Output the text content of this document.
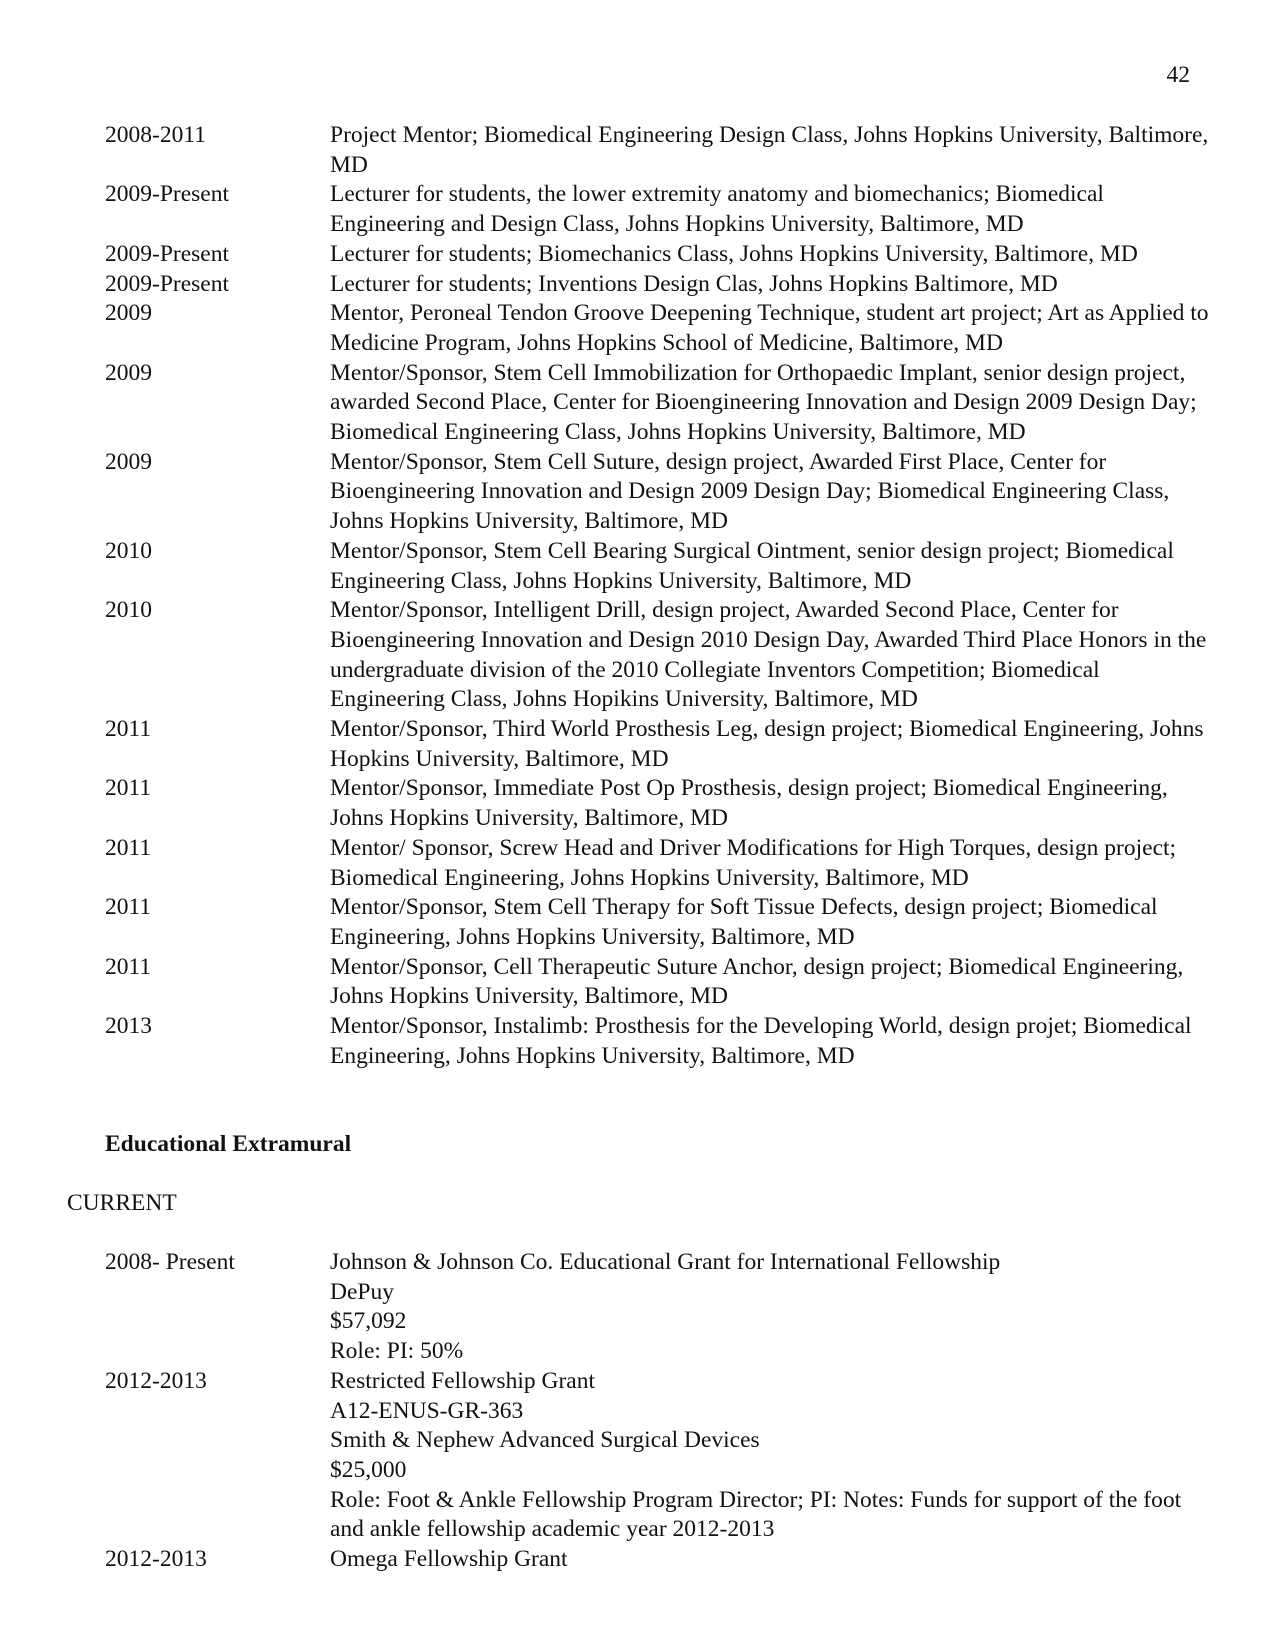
42
2008-2011	Project Mentor; Biomedical Engineering Design Class, Johns Hopkins University, Baltimore, MD
2009-Present	Lecturer for students, the lower extremity anatomy and biomechanics; Biomedical Engineering and Design Class, Johns Hopkins University, Baltimore, MD
2009-Present	Lecturer for students; Biomechanics Class, Johns Hopkins University, Baltimore, MD
2009-Present	Lecturer for students; Inventions Design Clas, Johns Hopkins Baltimore, MD
2009	Mentor, Peroneal Tendon Groove Deepening Technique, student art project; Art as Applied to Medicine Program, Johns Hopkins School of Medicine, Baltimore, MD
2009	Mentor/Sponsor, Stem Cell Immobilization for Orthopaedic Implant, senior design project, awarded Second Place, Center for Bioengineering Innovation and Design 2009 Design Day; Biomedical Engineering Class, Johns Hopkins University, Baltimore, MD
2009	Mentor/Sponsor, Stem Cell Suture, design project, Awarded First Place, Center for Bioengineering Innovation and Design 2009 Design Day; Biomedical Engineering Class, Johns Hopkins University, Baltimore, MD
2010	Mentor/Sponsor, Stem Cell Bearing Surgical Ointment, senior design project; Biomedical Engineering Class, Johns Hopkins University, Baltimore, MD
2010	Mentor/Sponsor, Intelligent Drill, design project, Awarded Second Place, Center for Bioengineering Innovation and Design 2010 Design Day, Awarded Third Place Honors in the undergraduate division of the 2010 Collegiate Inventors Competition; Biomedical Engineering Class, Johns Hopikins University, Baltimore, MD
2011	Mentor/Sponsor, Third World Prosthesis Leg, design project; Biomedical Engineering, Johns Hopkins University, Baltimore, MD
2011	Mentor/Sponsor, Immediate Post Op Prosthesis, design project; Biomedical Engineering, Johns Hopkins University, Baltimore, MD
2011	Mentor/ Sponsor, Screw Head and Driver Modifications for High Torques, design project; Biomedical Engineering, Johns Hopkins University, Baltimore, MD
2011	Mentor/Sponsor, Stem Cell Therapy for Soft Tissue Defects, design project; Biomedical Engineering, Johns Hopkins University, Baltimore, MD
2011	Mentor/Sponsor, Cell Therapeutic Suture Anchor, design project; Biomedical Engineering, Johns Hopkins University, Baltimore, MD
2013	Mentor/Sponsor, Instalimb: Prosthesis for the Developing World, design projet; Biomedical Engineering, Johns Hopkins University, Baltimore, MD
Educational Extramural
CURRENT
2008- Present	Johnson & Johnson Co. Educational Grant for International Fellowship
DePuy
$57,092
Role: PI: 50%
2012-2013	Restricted Fellowship Grant
A12-ENUS-GR-363
Smith & Nephew Advanced Surgical Devices
$25,000
Role: Foot & Ankle Fellowship Program Director; PI: Notes: Funds for support of the foot and ankle fellowship academic year 2012-2013
2012-2013	Omega Fellowship Grant
